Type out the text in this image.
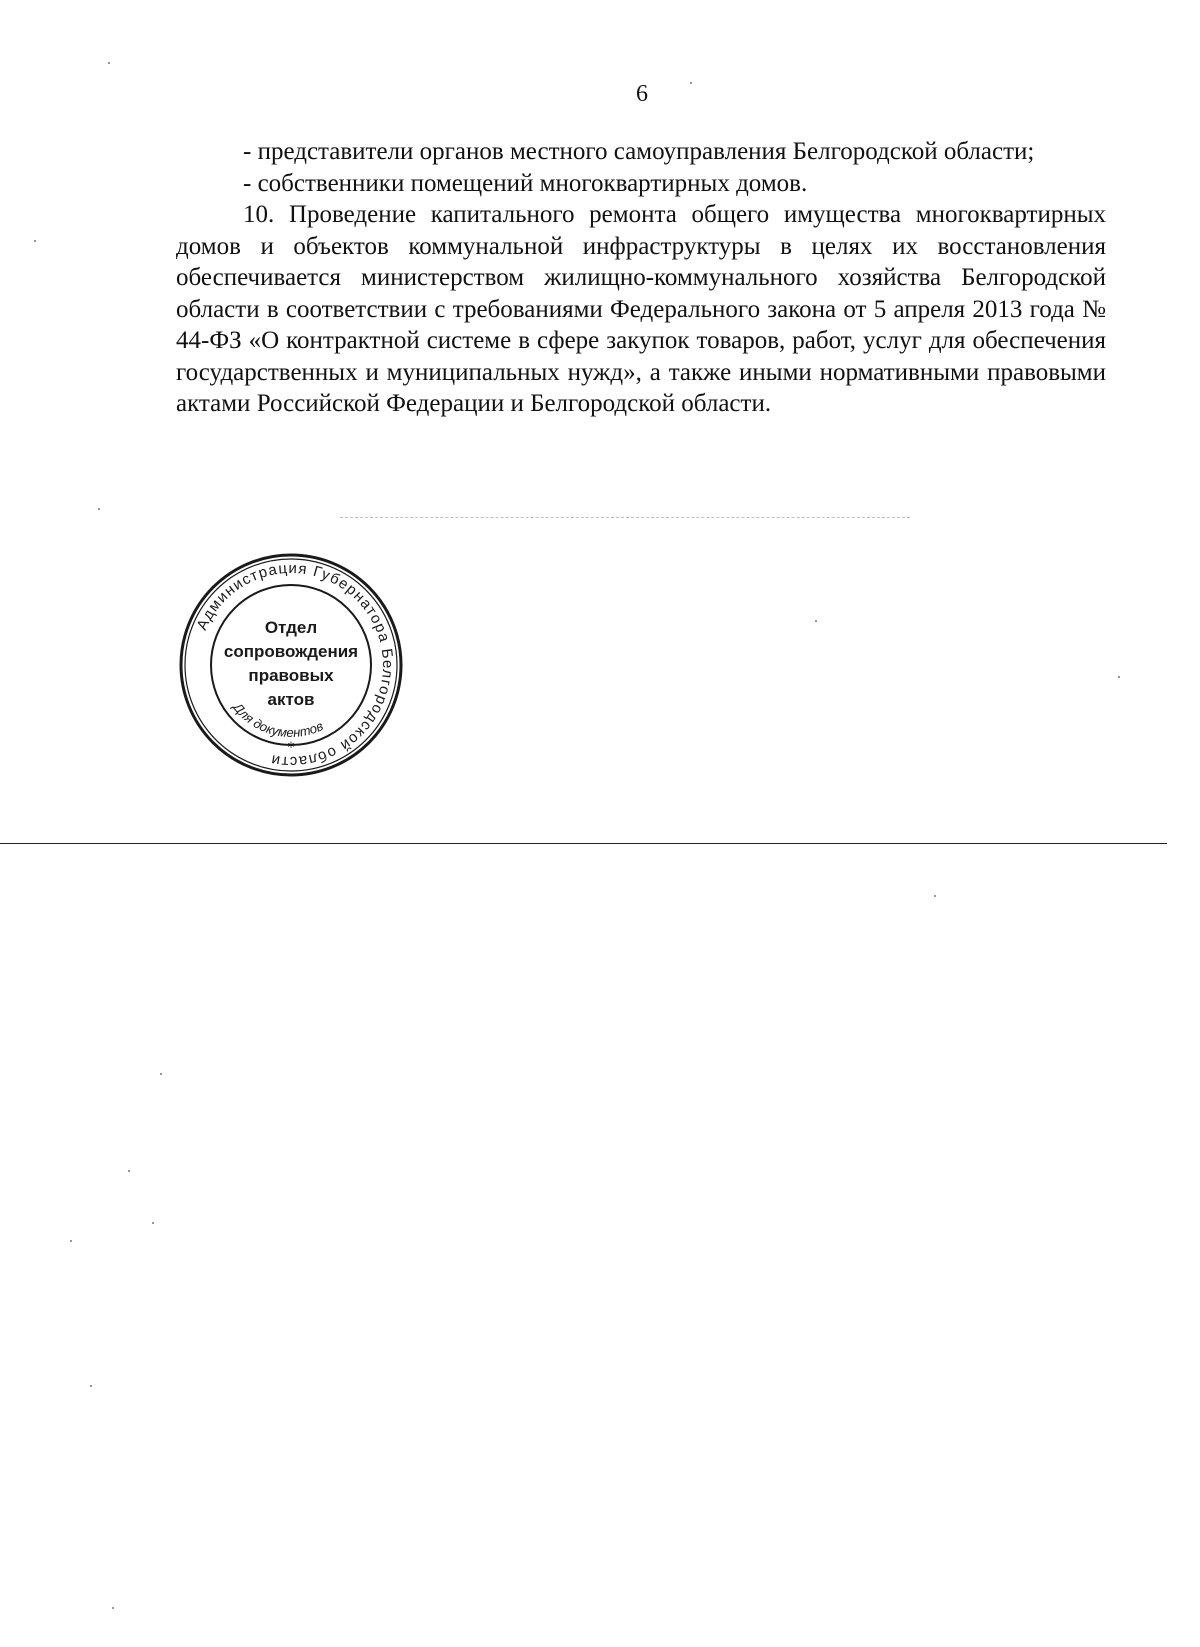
6

- представители органов местного самоуправления Белгородской области;

- собственники помещений многоквартирных домов.

10. Проведение капитального ремонта общего имущества многоквартирных домов и объектов коммунальной инфраструктуры в целях их восстановления обеспечивается министерством жилищно-коммунального хозяйства Белгородской области в соответствии с требованиями Федерального закона от 5 апреля 2013 года № 44-ФЗ «О контрактной системе в сфере закупок товаров, работ, услуг для обеспечения государственных и муниципальных нужд», а также иными нормативными правовыми актами Российской Федерации и Белгородской области.

Администрация Губернатора Белгородской области
Для документов
*
Отдел
сопровождения
правовых
актов
